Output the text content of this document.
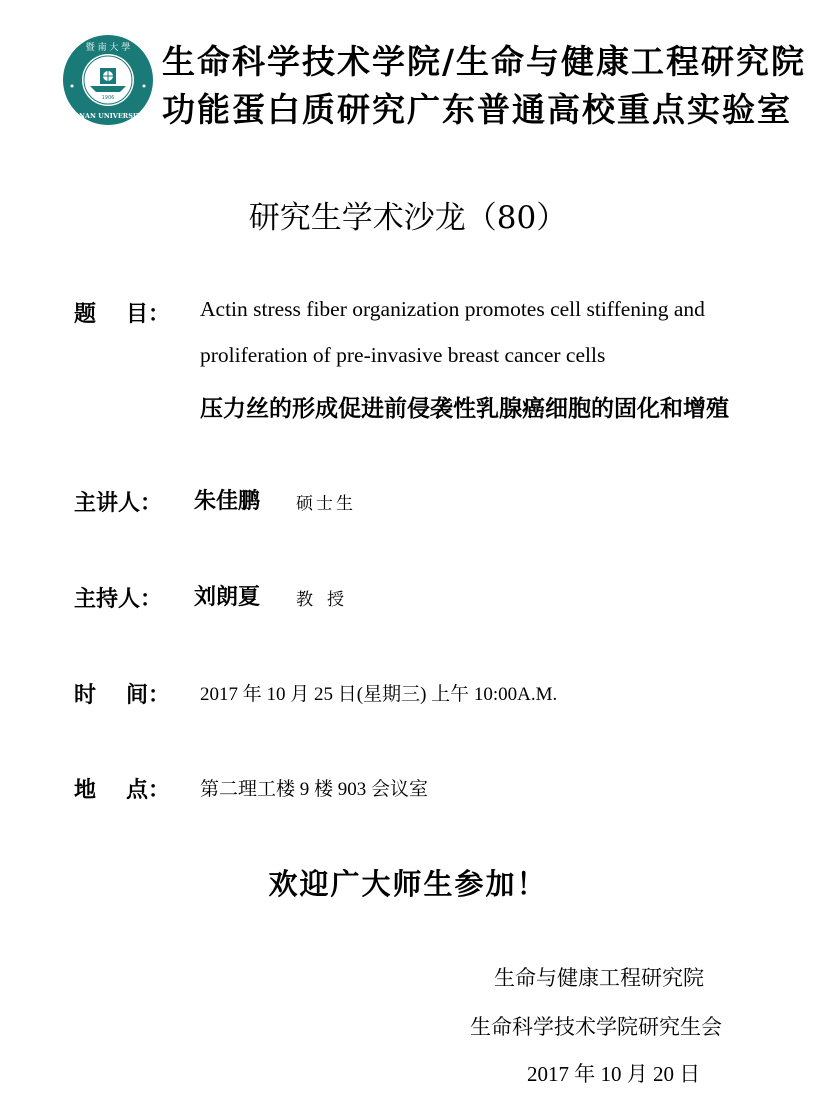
1906
暨 南 大 學
JI NAN UNIVERSITY
生命科学技术学院/生命与健康工程研究院
功能蛋白质研究广东普通高校重点实验室
研究生学术沙龙（80）
题 目： Actin stress fiber organization promotes cell stiffening and
proliferation of pre-invasive breast cancer cells
压力丝的形成促进前侵袭性乳腺癌细胞的固化和增殖
主讲人： 朱佳鹏 硕士生
主持人： 刘朗夏 教授
时 间： 2017 年 10 月 25 日(星期三) 上午 10:00A.M.
地 点： 第二理工楼 9 楼 903 会议室
欢迎广大师生参加！
生命与健康工程研究院
生命科学技术学院研究生会
2017 年 10 月 20 日
